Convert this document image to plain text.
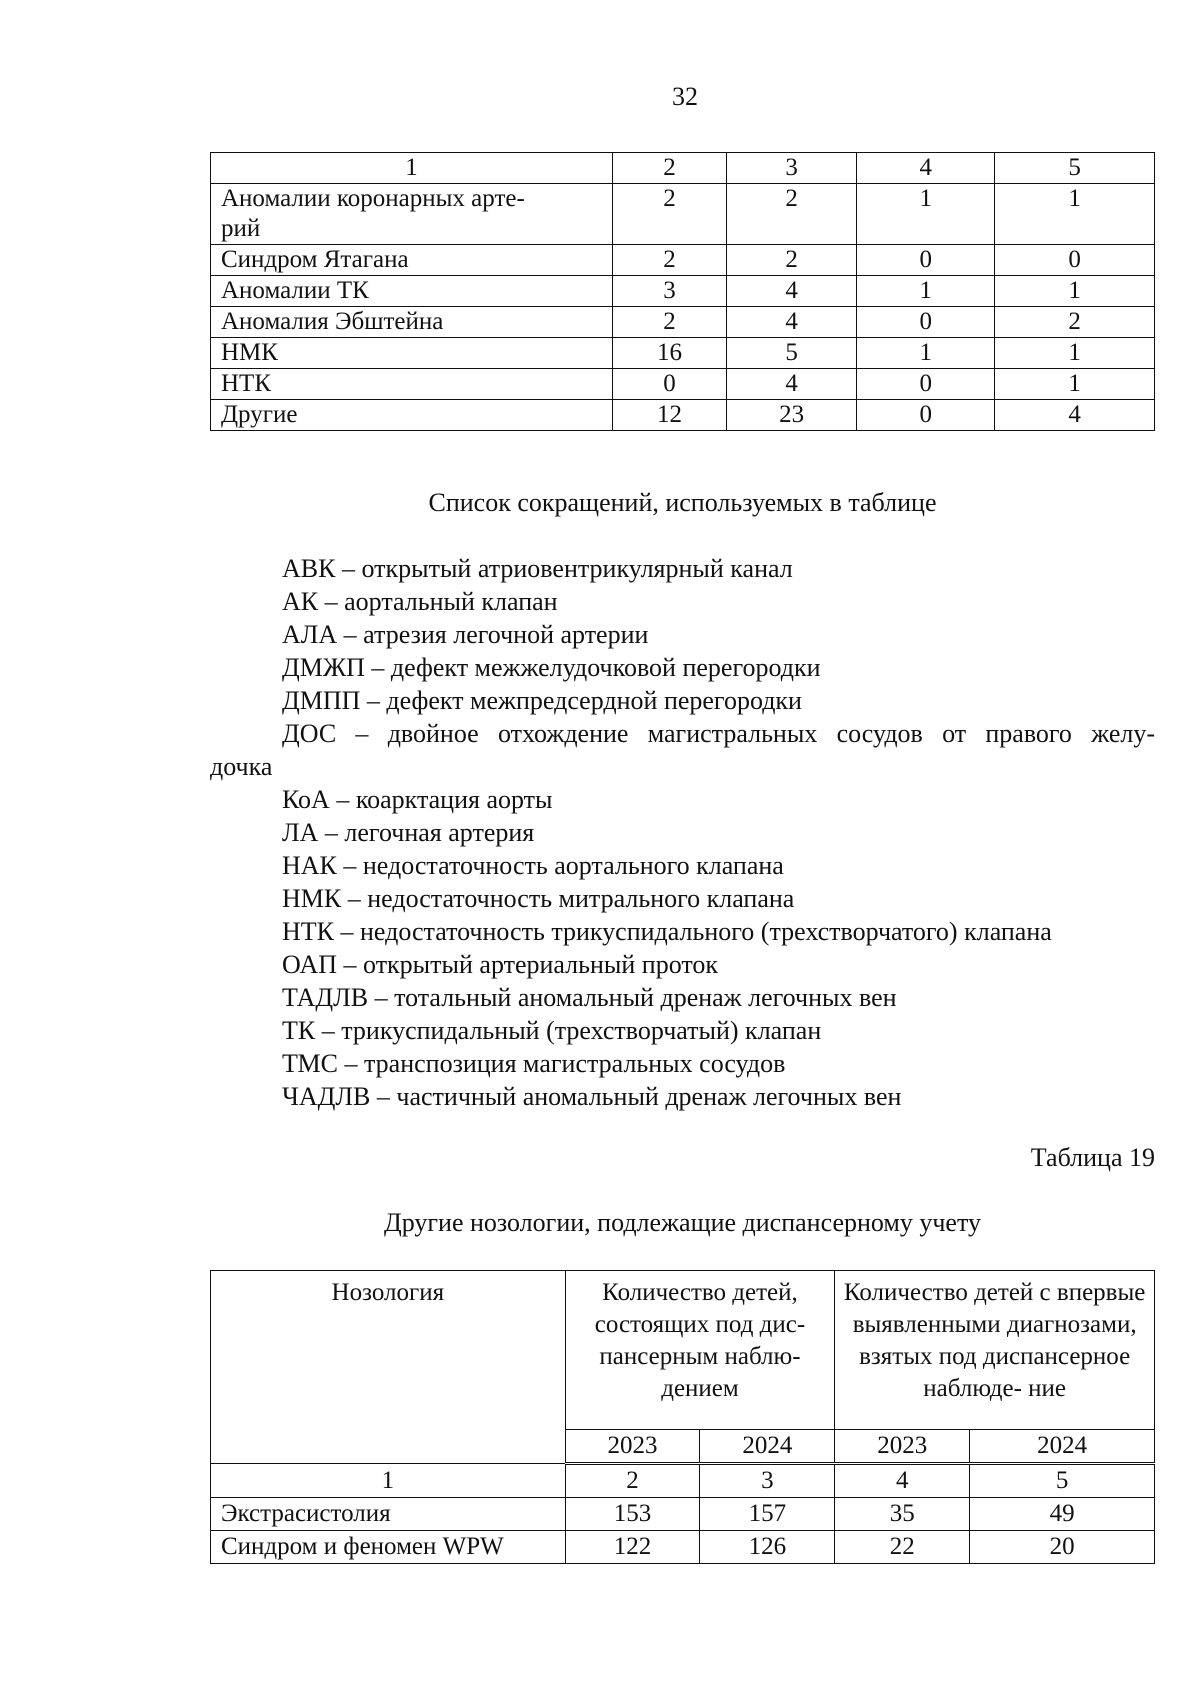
32
1	2	3	4	5

Аномалии коронарных арте-
рий	2	2	1	1
Синдром Ятагана	2	2	0	0
Аномалии ТК	3	4	1	1
Аномалия Эбштейна	2	4	0	2
НМК	16	5	1	1
НТК	0	4	0	1
Другие	12	23	0	4
Список сокращений, используемых в таблице
АВК – открытый атриовентрикулярный канал
АК – аортальный клапан
АЛА – атрезия легочной артерии
ДМЖП – дефект межжелудочковой перегородки
ДМПП – дефект межпредсердной перегородки
ДОС – двойное отхождение магистральных сосудов от правого желу-
дочка
КоА – коарктация аорты
ЛА – легочная артерия
НАК – недостаточность аортального клапана
НМК – недостаточность митрального клапана
НТК – недостаточность трикуспидального (трехстворчатого) клапана
ОАП – открытый артериальный проток
ТАДЛВ – тотальный аномальный дренаж легочных вен
ТК – трикуспидальный (трехстворчатый) клапан
ТМС – транспозиция магистральных сосудов
ЧАДЛВ – частичный аномальный дренаж легочных вен
Таблица 19
Другие нозологии, подлежащие диспансерному учету
Нозология	Количество детей, состоящих под дис- пансерным наблю- дением		Количество детей с впервые выявленными диагнозами, взятых под диспансерное наблюде- ние	
	2023	2024	2023	2024
1	2	3	4	5
Экстрасистолия	153	157	35	49
Синдром и феномен WPW	122	126	22	20
